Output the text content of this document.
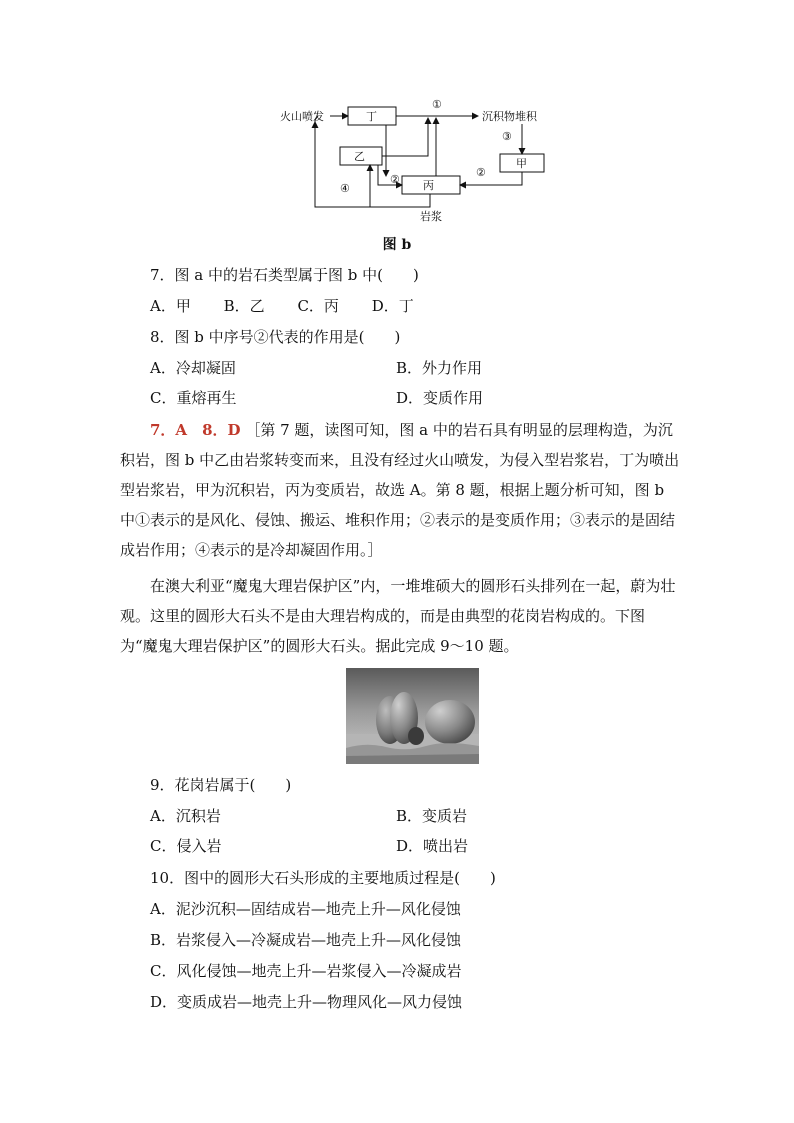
火山喷发	丁
乙
丙
甲
沉积物堆积
岩浆
①
②
②
③
④
图 b
7．图 a 中的岩石类型属于图 b 中(　　)
A．甲 B．乙 C．丙 D．丁
8．图 b 中序号②代表的作用是(　　)
A．冷却凝固	B．外力作用
C．重熔再生	D．变质作用
7．A　8．D ［第 7 题，读图可知，图 a 中的岩石具有明显的层理构造，为沉积岩，图 b 中乙由岩浆转变而来，且没有经过火山喷发，为侵入型岩浆岩，丁为喷出型岩浆岩，甲为沉积岩，丙为变质岩，故选 A。第 8 题，根据上题分析可知，图 b 中①表示的是风化、侵蚀、搬运、堆积作用；②表示的是变质作用；③表示的是固结成岩作用；④表示的是冷却凝固作用。］
在澳大利亚“魔鬼大理岩保护区”内，一堆堆硕大的圆形石头排列在一起，蔚为壮观。这里的圆形大石头不是由大理岩构成的，而是由典型的花岗岩构成的。下图为“魔鬼大理岩保护区”的圆形大石头。据此完成 9～10 题。
9．花岗岩属于(　　)
A．沉积岩	B．变质岩
C．侵入岩	D．喷出岩
10．图中的圆形大石头形成的主要地质过程是(　　)
A．泥沙沉积—固结成岩—地壳上升—风化侵蚀
B．岩浆侵入—冷凝成岩—地壳上升—风化侵蚀
C．风化侵蚀—地壳上升—岩浆侵入—冷凝成岩
D．变质成岩—地壳上升—物理风化—风力侵蚀
